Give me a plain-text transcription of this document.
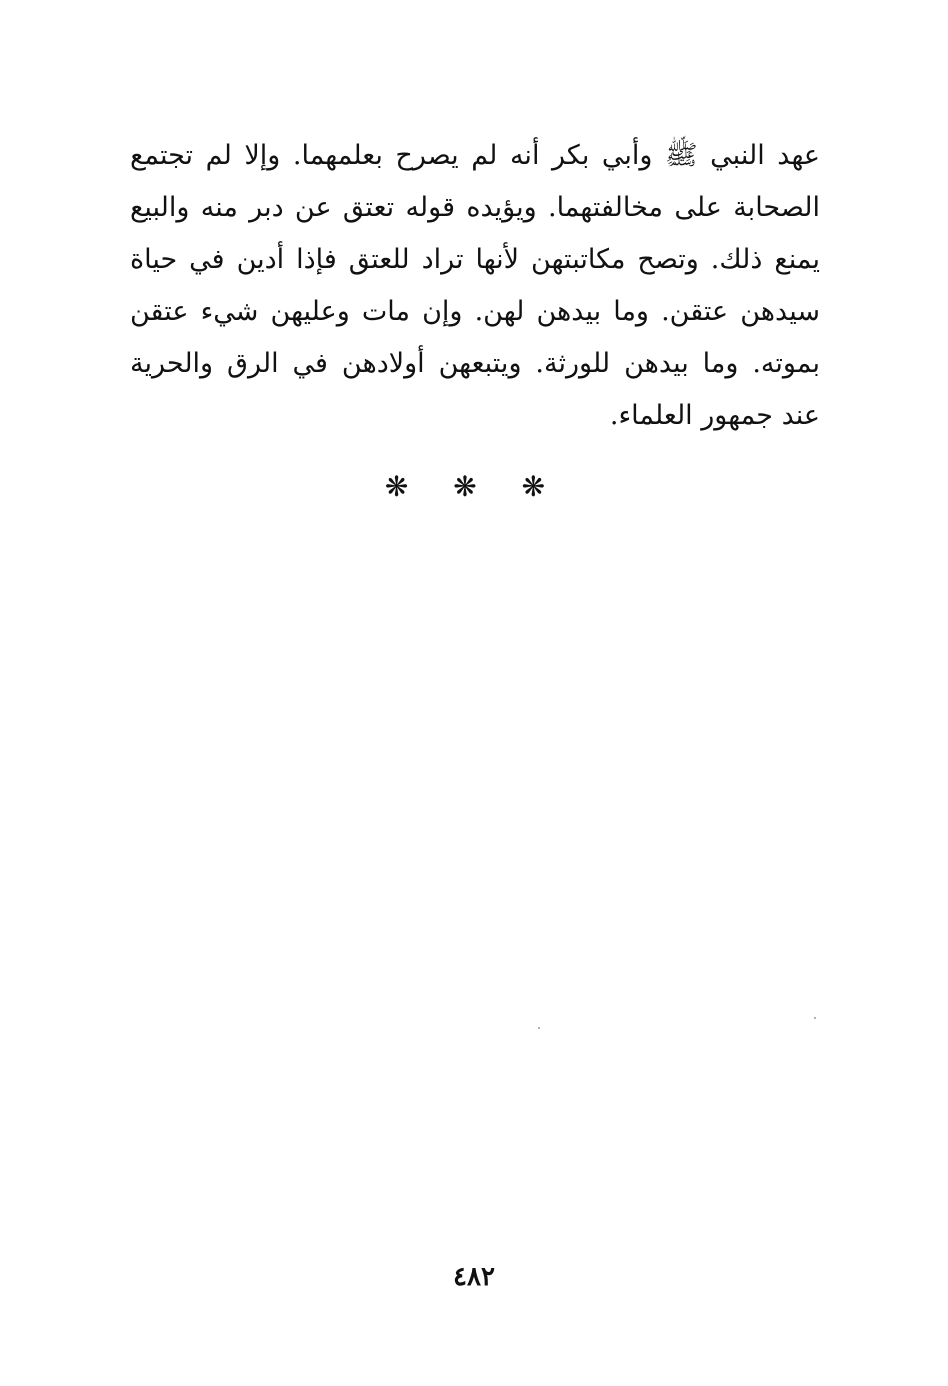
عهد النبي ﷺ وأبي بكر أنه لم يصرح بعلمهما. وإلا لم تجتمع
الصحابة على مخالفتهما. ويؤيده قوله تعتق عن دبر منه والبيع
يمنع ذلك. وتصح مكاتبتهن لأنها تراد للعتق فإذا أدين في حياة
سيدهن عتقن. وما بيدهن لهن. وإن مات وعليهن شيء عتقن
بموته. وما بيدهن للورثة. ويتبعهن أولادهن في الرق والحرية
عند جمهور العلماء.
❋ ❋ ❋
٤٨٢
